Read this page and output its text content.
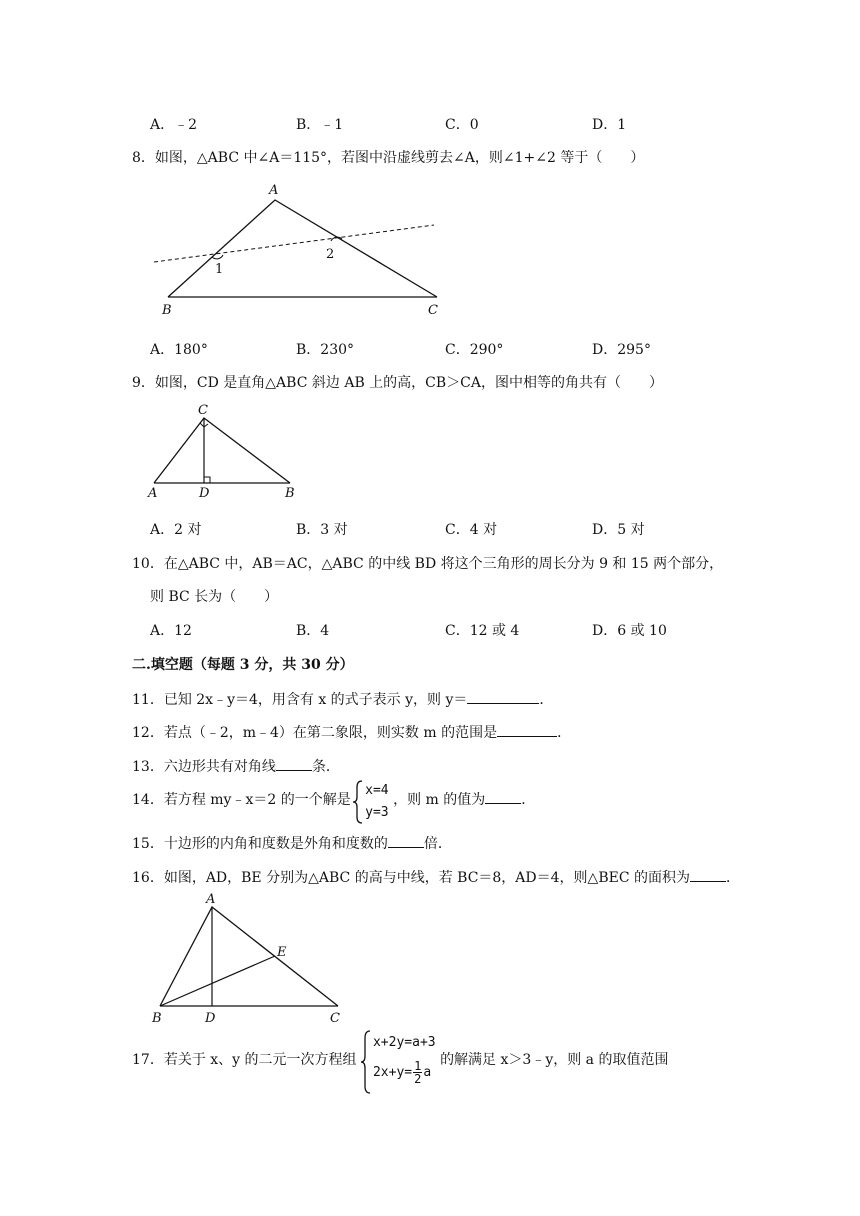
A．﹣2	B．﹣1	C．0	D．1
8．如图，△ABC 中∠A＝115°，若图中沿虚线剪去∠A，则∠1+∠2 等于（　　）
A
B	C
1
2
A．180°	B．230°	C．290°	D．295°
9．如图，CD 是直角△ABC 斜边 AB 上的高，CB＞CA，图中相等的角共有（　　）
C
A	D	B
A．2 对	B．3 对	C．4 对	D．5 对
10．在△ABC 中，AB＝AC，△ABC 的中线 BD 将这个三角形的周长分为 9 和 15 两个部分，
则 BC 长为（　　）
A．12	B．4	C．12 或 4	D．6 或 10
二.填空题（每题 3 分，共 30 分）
11．已知 2x﹣y＝4，用含有 x 的式子表示 y，则 y＝	．
12．若点（﹣2，m﹣4）在第二象限，则实数 m 的范围是	．
13．六边形共有对角线	条．
14．若方程 my﹣x＝2 的一个解是
x=4
y=3
，则 m 的值为	．
15．十边形的内角和度数是外角和度数的	倍．
16．如图，AD，BE 分别为△ABC 的高与中线，若 BC＝8，AD＝4，则△BEC 的面积为	．
A
B	D	C
E
17．若关于 x、y 的二元一次方程组
x+2y=a+3
$2x+y= \frac{1}{2}$ a
的解满足 x＞3﹣y，则 a 的取值范围
